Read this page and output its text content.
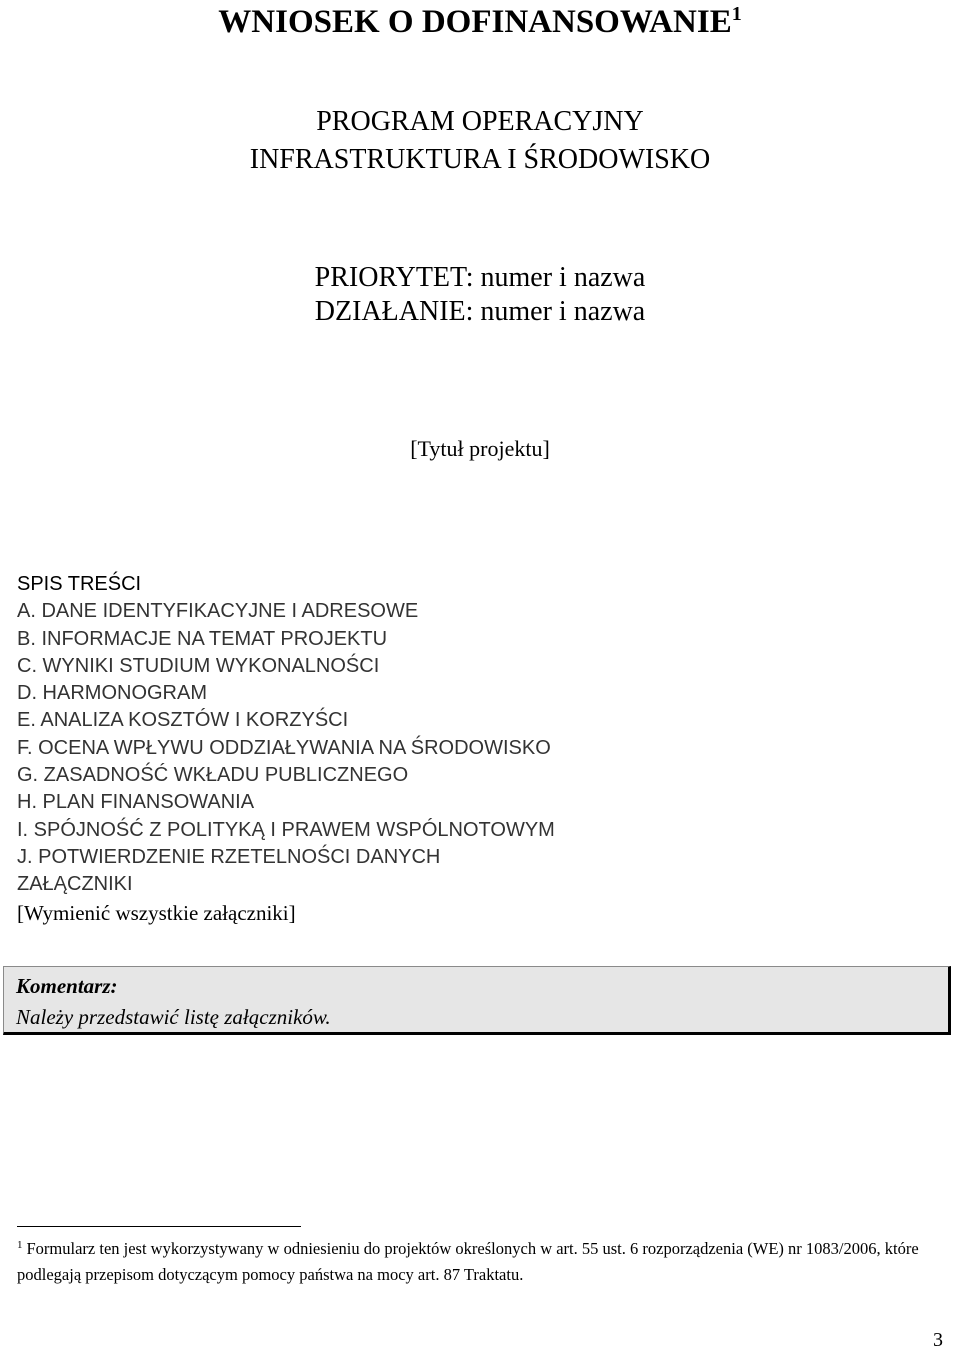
WNIOSEK O DOFINANSOWANIE$^1$
PROGRAM OPERACYJNY
INFRASTRUKTURA I ŚRODOWISKO
PRIORYTET: numer i nazwa
DZIAŁANIE: numer i nazwa
[Tytuł projektu]
SPIS TREŚCI
A. DANE IDENTYFIKACYJNE I ADRESOWE
B. INFORMACJE NA TEMAT PROJEKTU
C. WYNIKI STUDIUM WYKONALNOŚCI
D. HARMONOGRAM
E. ANALIZA KOSZTÓW I KORZYŚCI
F. OCENA WPŁYWU ODDZIAŁYWANIA NA ŚRODOWISKO
G. ZASADNOŚĆ WKŁADU PUBLICZNEGO
H. PLAN FINANSOWANIA
I. SPÓJNOŚĆ Z POLITYKĄ I PRAWEM WSPÓLNOTOWYM
J. POTWIERDZENIE RZETELNOŚCI DANYCH
ZAŁĄCZNIKI
[Wymienić wszystkie załączniki]
Komentarz:
Należy przedstawić listę załączników.
$^1$ Formularz ten jest wykorzystywany w odniesieniu do projektów określonych w art. 55 ust. 6 rozporządzenia (WE) nr 1083/2006, które podlegają przepisom dotyczącym pomocy państwa na mocy art. 87 Traktatu.
3
